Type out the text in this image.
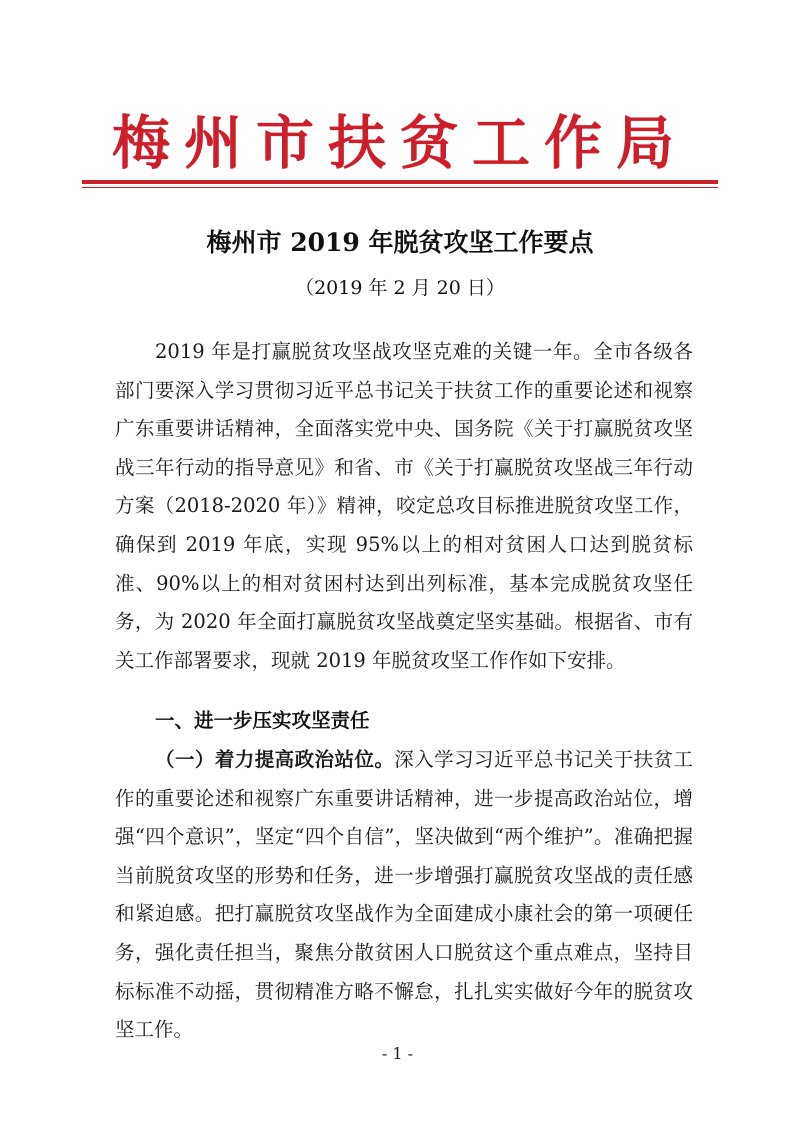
梅州市扶贫工作局
梅州市 2019 年脱贫攻坚工作要点
（2019 年 2 月 20 日）

2019 年是打赢脱贫攻坚战攻坚克难的关键一年。全市各级各部门要深入学习贯彻习近平总书记关于扶贫工作的重要论述和视察广东重要讲话精神，全面落实党中央、国务院《关于打赢脱贫攻坚战三年行动的指导意见》和省、市《关于打赢脱贫攻坚战三年行动方案（2018-2020 年）》精神，咬定总攻目标推进脱贫攻坚工作，确保到 2019 年底，实现 95%以上的相对贫困人口达到脱贫标准、90%以上的相对贫困村达到出列标准，基本完成脱贫攻坚任务，为 2020 年全面打赢脱贫攻坚战奠定坚实基础。根据省、市有关工作部署要求，现就 2019 年脱贫攻坚工作作如下安排。

一、进一步压实攻坚责任

（一）着力提高政治站位。深入学习习近平总书记关于扶贫工作的重要论述和视察广东重要讲话精神，进一步提高政治站位，增强“四个意识”，坚定“四个自信”，坚决做到“两个维护”。准确把握当前脱贫攻坚的形势和任务，进一步增强打赢脱贫攻坚战的责任感和紧迫感。把打赢脱贫攻坚战作为全面建成小康社会的第一项硬任务，强化责任担当，聚焦分散贫困人口脱贫这个重点难点，坚持目标标准不动摇，贯彻精准方略不懈怠，扎扎实实做好今年的脱贫攻坚工作。

- 1 -
